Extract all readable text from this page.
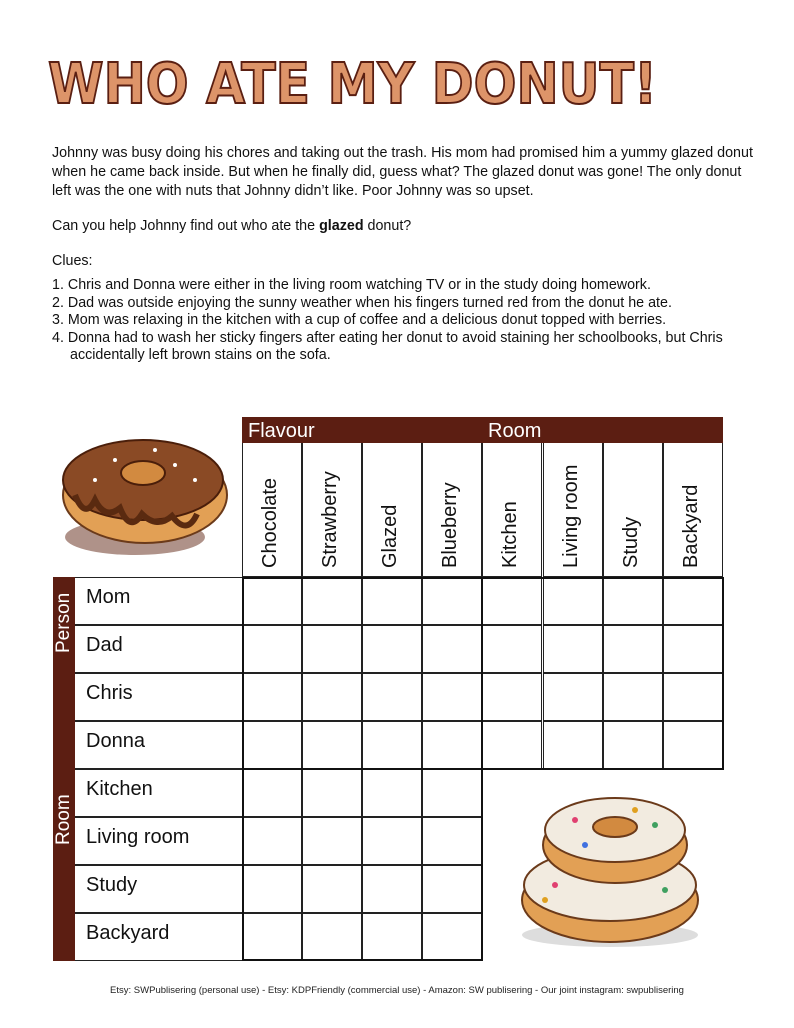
WHO ATE MY DONUT!

Johnny was busy doing his chores and taking out the trash. His mom had promised him a yummy glazed donut when he came back inside. But when he finally did, guess what? The glazed donut was gone! The only donut left was the one with nuts that Johnny didn’t like. Poor Johnny was so upset.

Can you help Johnny find out who ate the glazed donut?

Clues:

1. Chris and Donna were either in the living room watching TV or in the study doing homework.
2. Dad was outside enjoying the sunny weather when his fingers turned red from the donut he ate.
3. Mom was relaxing in the kitchen with a cup of coffee and a delicious donut topped with berries.
4. Donna had to wash her sticky fingers after eating her donut to avoid staining her schoolbooks, but Chris accidentally left brown stains on the sofa.
Flavour	Room
Chocolate Strawberry Glazed Blueberry Kitchen Living room Study Backyard
Person
Room
Mom
Dad
Chris
Donna
Kitchen
Living room
Study
Backyard
Etsy: SWPublisering (personal use) - Etsy: KDPFriendly (commercial use) - Amazon: SW publisering - Our joint instagram: swpublisering
